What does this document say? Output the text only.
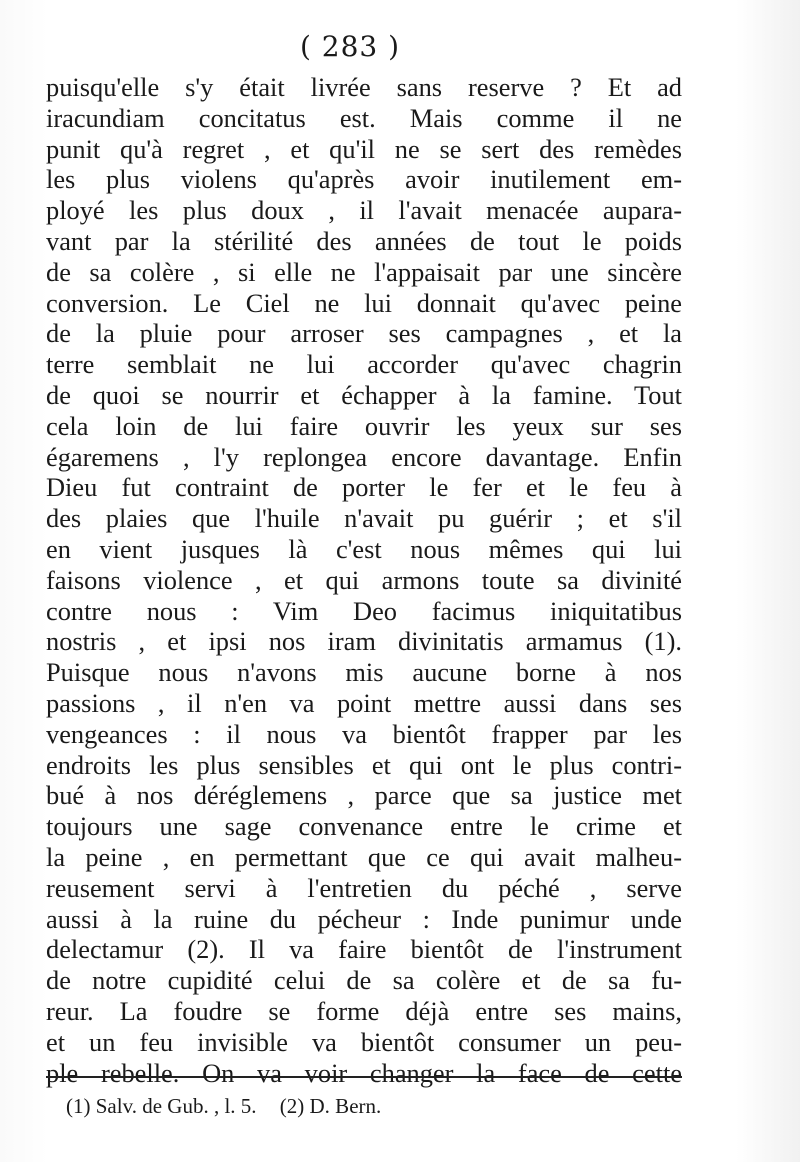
( 283 )
puisqu'elle s'y était livrée sans reserve ? Et ad
iracundiam concitatus est. Mais comme il ne
punit qu'à regret , et qu'il ne se sert des remèdes
les plus violens qu'après avoir inutilement em-
ployé les plus doux , il l'avait menacée aupara-
vant par la stérilité des années de tout le poids
de sa colère , si elle ne l'appaisait par une sincère
conversion. Le Ciel ne lui donnait qu'avec peine
de la pluie pour arroser ses campagnes , et la
terre semblait ne lui accorder qu'avec chagrin
de quoi se nourrir et échapper à la famine. Tout
cela loin de lui faire ouvrir les yeux sur ses
égaremens , l'y replongea encore davantage. Enfin
Dieu fut contraint de porter le fer et le feu à
des plaies que l'huile n'avait pu guérir ; et s'il
en vient jusques là c'est nous mêmes qui lui
faisons violence , et qui armons toute sa divinité
contre nous : Vim Deo facimus iniquitatibus
nostris , et ipsi nos iram divinitatis armamus (1).
Puisque nous n'avons mis aucune borne à nos
passions , il n'en va point mettre aussi dans ses
vengeances : il nous va bientôt frapper par les
endroits les plus sensibles et qui ont le plus contri-
bué à nos déréglemens , parce que sa justice met
toujours une sage convenance entre le crime et
la peine , en permettant que ce qui avait malheu-
reusement servi à l'entretien du péché , serve
aussi à la ruine du pécheur : Inde punimur unde
delectamur (2). Il va faire bientôt de l'instrument
de notre cupidité celui de sa colère et de sa fu-
reur. La foudre se forme déjà entre ses mains,
et un feu invisible va bientôt consumer un peu-
ple rebelle. On va voir changer la face de cette
(1) Salv. de Gub. , l. 5. (2) D. Bern.
